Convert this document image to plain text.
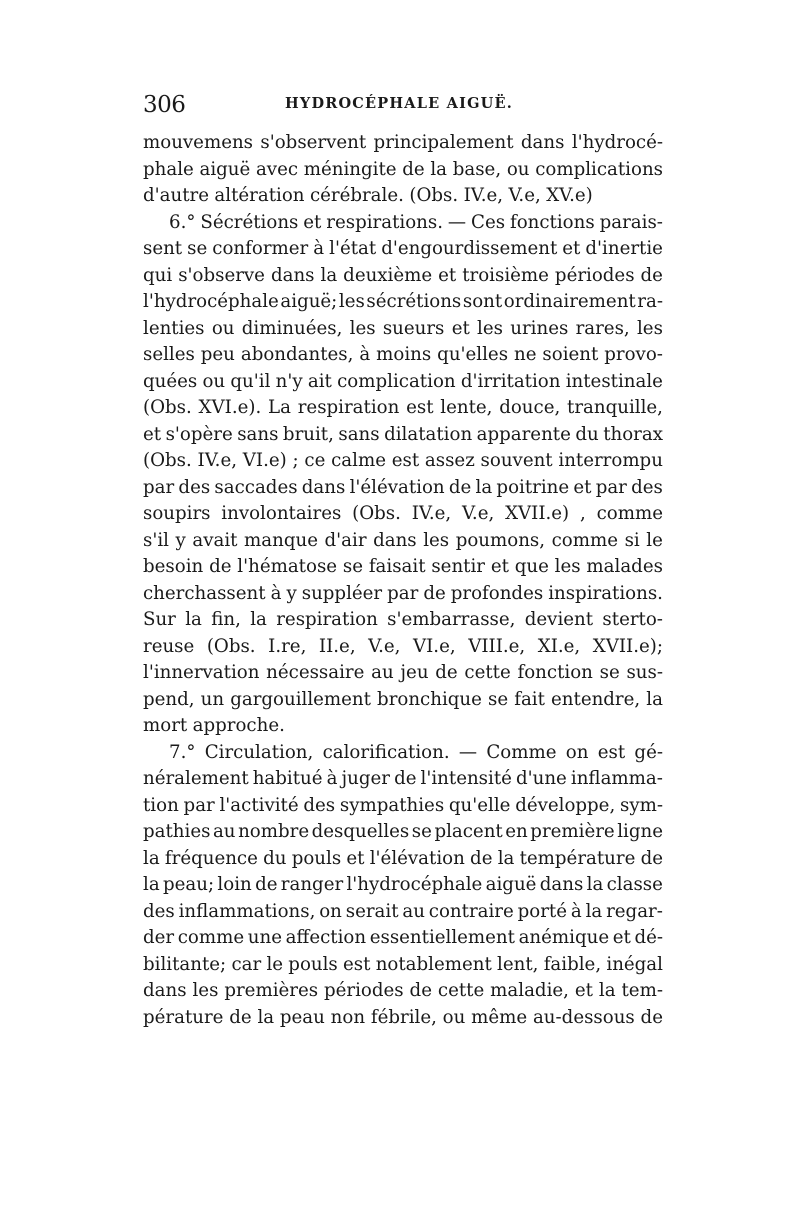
306	HYDROCÉPHALE AIGUË.
mouvemens s'observent principalement dans l'hydrocé-
phale aiguë avec méningite de la base, ou complications
d'autre altération cérébrale. (Obs. IV.e, V.e, XV.e)
6.° Sécrétions et respirations. — Ces fonctions parais-
sent se conformer à l'état d'engourdissement et d'inertie
qui s'observe dans la deuxième et troisième périodes de
l'hydrocéphale aiguë; les sécrétions sont ordinairement ra-
lenties ou diminuées, les sueurs et les urines rares, les
selles peu abondantes, à moins qu'elles ne soient provo-
quées ou qu'il n'y ait complication d'irritation intestinale
(Obs. XVI.e). La respiration est lente, douce, tranquille,
et s'opère sans bruit, sans dilatation apparente du thorax
(Obs. IV.e, VI.e) ; ce calme est assez souvent interrompu
par des saccades dans l'élévation de la poitrine et par des
soupirs involontaires (Obs. IV.e, V.e, XVII.e) , comme
s'il y avait manque d'air dans les poumons, comme si le
besoin de l'hématose se faisait sentir et que les malades
cherchassent à y suppléer par de profondes inspirations.
Sur la fin, la respiration s'embarrasse, devient sterto-
reuse (Obs. I.re, II.e, V.e, VI.e, VIII.e, XI.e, XVII.e);
l'innervation nécessaire au jeu de cette fonction se sus-
pend, un gargouillement bronchique se fait entendre, la
mort approche.
7.° Circulation, calorification. — Comme on est gé-
néralement habitué à juger de l'intensité d'une inflamma-
tion par l'activité des sympathies qu'elle développe, sym-
pathies au nombre desquelles se placent en première ligne
la fréquence du pouls et l'élévation de la température de
la peau; loin de ranger l'hydrocéphale aiguë dans la classe
des inflammations, on serait au contraire porté à la regar-
der comme une affection essentiellement anémique et dé-
bilitante; car le pouls est notablement lent, faible, inégal
dans les premières périodes de cette maladie, et la tem-
pérature de la peau non fébrile, ou même au-dessous de
